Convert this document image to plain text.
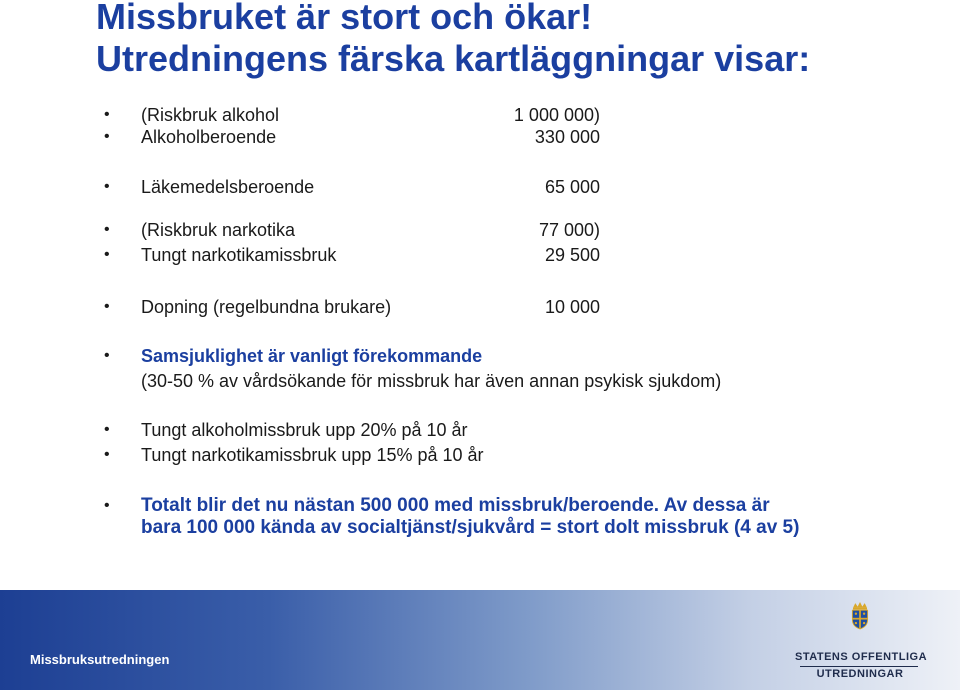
Missbruket är stort och ökar!
Utredningens färska kartläggningar visar:
• (Riskbruk alkohol	1 000 000)
• Alkoholberoende	330 000
• Läkemedelsberoende	65 000
• (Riskbruk narkotika	77 000)
• Tungt narkotikamissbruk	29 500
• Dopning (regelbundna brukare)	10 000
• Samsjuklighet är vanligt förekommande
(30-50 % av vårdsökande för missbruk har även annan psykisk sjukdom)
• Tungt alkoholmissbruk upp 20% på 10 år
• Tungt narkotikamissbruk upp 15% på 10 år
• Totalt blir det nu nästan 500 000 med missbruk/beroende. Av dessa är
bara 100 000 kända av socialtjänst/sjukvård = stort dolt missbruk (4 av 5)
Missbruksutredningen	STATENS OFFENTLIGA
UTREDNINGAR
